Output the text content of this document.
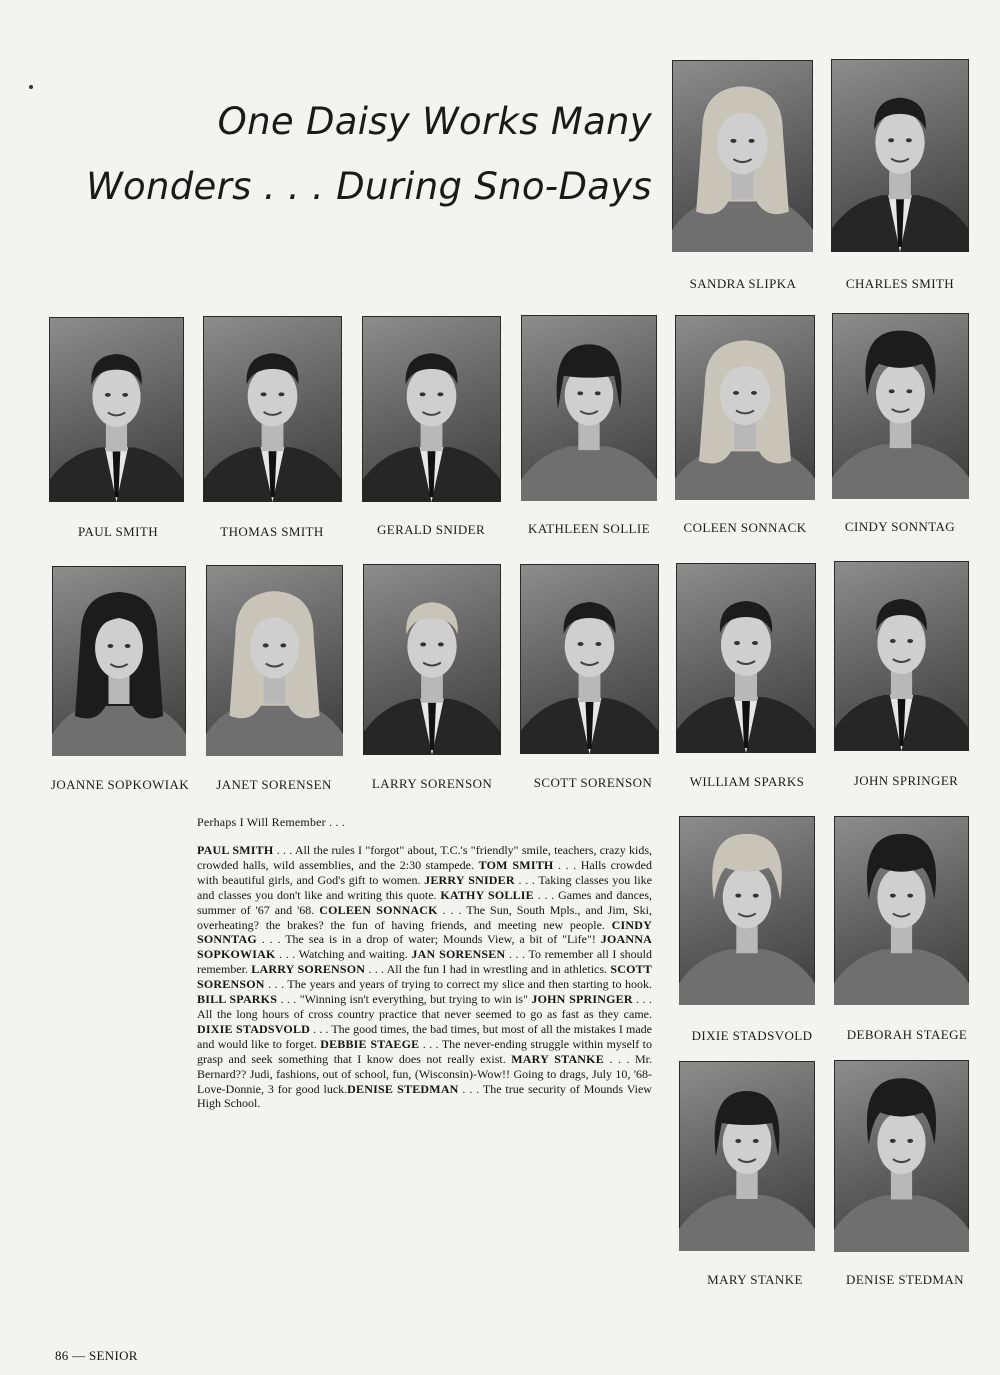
One Daisy Works Many
Wonders . . . During Sno-Days
SANDRA SLIPKA	CHARLES SMITH
PAUL SMITH	THOMAS SMITH	GERALD SNIDER	KATHLEEN SOLLIE	COLEEN SONNACK	CINDY SONNTAG
JOANNE SOPKOWIAK	JANET SORENSEN	LARRY SORENSON	SCOTT SORENSON	WILLIAM SPARKS	JOHN SPRINGER
DIXIE STADSVOLD	DEBORAH STAEGE
MARY STANKE	DENISE STEDMAN
Perhaps I Will Remember . . .

PAUL SMITH . . . All the rules I "forgot" about, T.C.'s "friendly" smile, teachers, crazy kids, crowded halls, wild assemblies, and the 2:30 stampede. TOM SMITH . . . Halls crowded with beautiful girls, and God's gift to women. JERRY SNIDER . . . Taking classes you like and classes you don't like and writing this quote. KATHY SOLLIE . . . Games and dances, summer of '67 and '68. COLEEN SONNACK . . . The Sun, South Mpls., and Jim, Ski, overheating? the brakes? the fun of having friends, and meeting new people. CINDY SONNTAG . . . The sea is in a drop of water; Mounds View, a bit of "Life"! JOANNA SOPKOWIAK . . . Watching and waiting. JAN SORENSEN . . . To remember all I should remember. LARRY SORENSON . . . All the fun I had in wrestling and in athletics. SCOTT SORENSON . . . The years and years of trying to correct my slice and then starting to hook. BILL SPARKS . . . "Winning isn't everything, but trying to win is" JOHN SPRINGER . . . All the long hours of cross country practice that never seemed to go as fast as they came. DIXIE STADSVOLD . . . The good times, the bad times, but most of all the mistakes I made and would like to forget. DEBBIE STAEGE . . . The never-ending struggle within myself to grasp and seek something that I know does not really exist. MARY STANKE . . . Mr. Bernard?? Judi, fashions, out of school, fun, (Wisconsin)-Wow!! Going to drags, July 10, '68-Love-Donnie, 3 for good luck.DENISE STEDMAN . . . The true security of Mounds View High School.

86 — SENIOR
